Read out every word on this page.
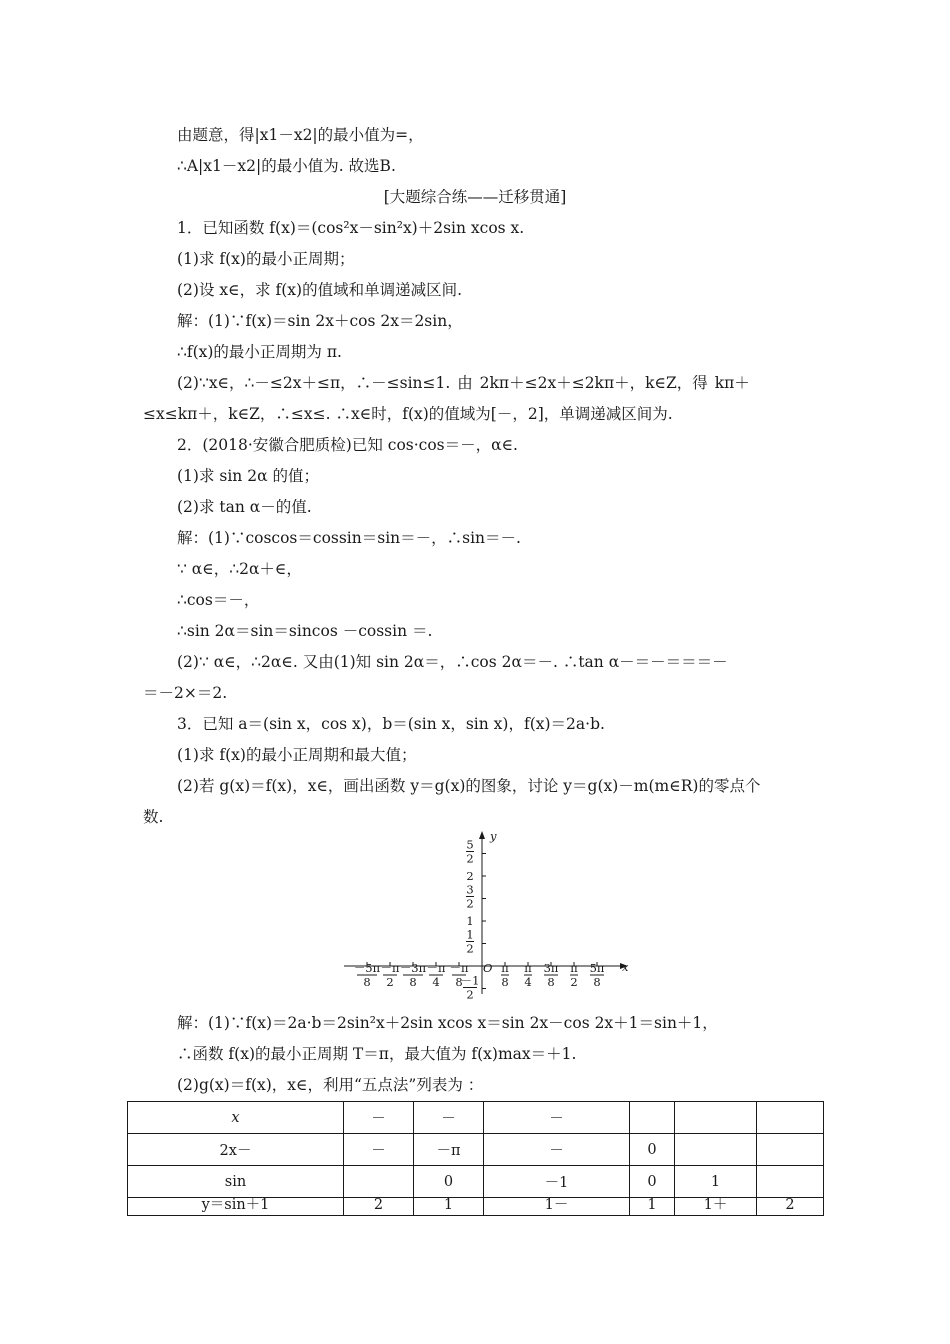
由题意，得|x1－x2|的最小值为=，
∴A|x1－x2|的最小值为. 故选B.
[大题综合练——迁移贯通]
1．已知函数 f(x)＝(cos²x－sin²x)＋2sin xcos x.
(1)求 f(x)的最小正周期；
(2)设 x∈，求 f(x)的值域和单调递减区间.
解：(1)∵f(x)＝sin 2x＋cos 2x＝2sin，
∴f(x)的最小正周期为 π.
(2)∵x∈，∴－≤2x＋≤π，∴－≤sin≤1. 由 2kπ＋≤2x＋≤2kπ＋，k∈Z，得 kπ＋
≤x≤kπ＋，k∈Z，∴≤x≤. ∴x∈时，f(x)的值域为[－，2]，单调递减区间为.
2．(2018·安徽合肥质检)已知 cos·cos＝－，α∈.
(1)求 sin 2α 的值；
(2)求 tan α－的值.
解：(1)∵coscos＝cossin＝sin＝－，∴sin＝－.
∵ α∈，∴2α＋∈，
∴cos＝－，
∴sin 2α＝sin＝sincos －cossin ＝.
(2)∵ α∈，∴2α∈. 又由(1)知 sin 2α＝，∴cos 2α＝－. ∴tan α－＝－＝＝＝－
＝－2×＝2.
3．已知 a＝(sin x，cos x)，b＝(sin x，sin x)，f(x)＝2a·b.
(1)求 f(x)的最小正周期和最大值；
(2)若 g(x)＝f(x)，x∈，画出函数 y＝g(x)的图象，讨论 y＝g(x)－m(m∈R)的零点个
数.
y
x
O
5
2
2
3
2
1
1
2
－1
2
－5π
8
－π
2
－3π
8
－π
4
－π
8
π
8
π
4
3π
8
π
2
5π
8
解：(1)∵f(x)＝2a·b＝2sin²x＋2sin xcos x＝sin 2x－cos 2x＋1＝sin＋1，
∴函数 f(x)的最小正周期 T＝π，最大值为 f(x)max＝＋1.
(2)g(x)＝f(x)，x∈，利用“五点法”列表为 ：
x	－	－	－			
2x－	－	－π	－	0		
sin		0	－1	0	1	
y＝sin＋1	2	1	1－	1	1＋	2
